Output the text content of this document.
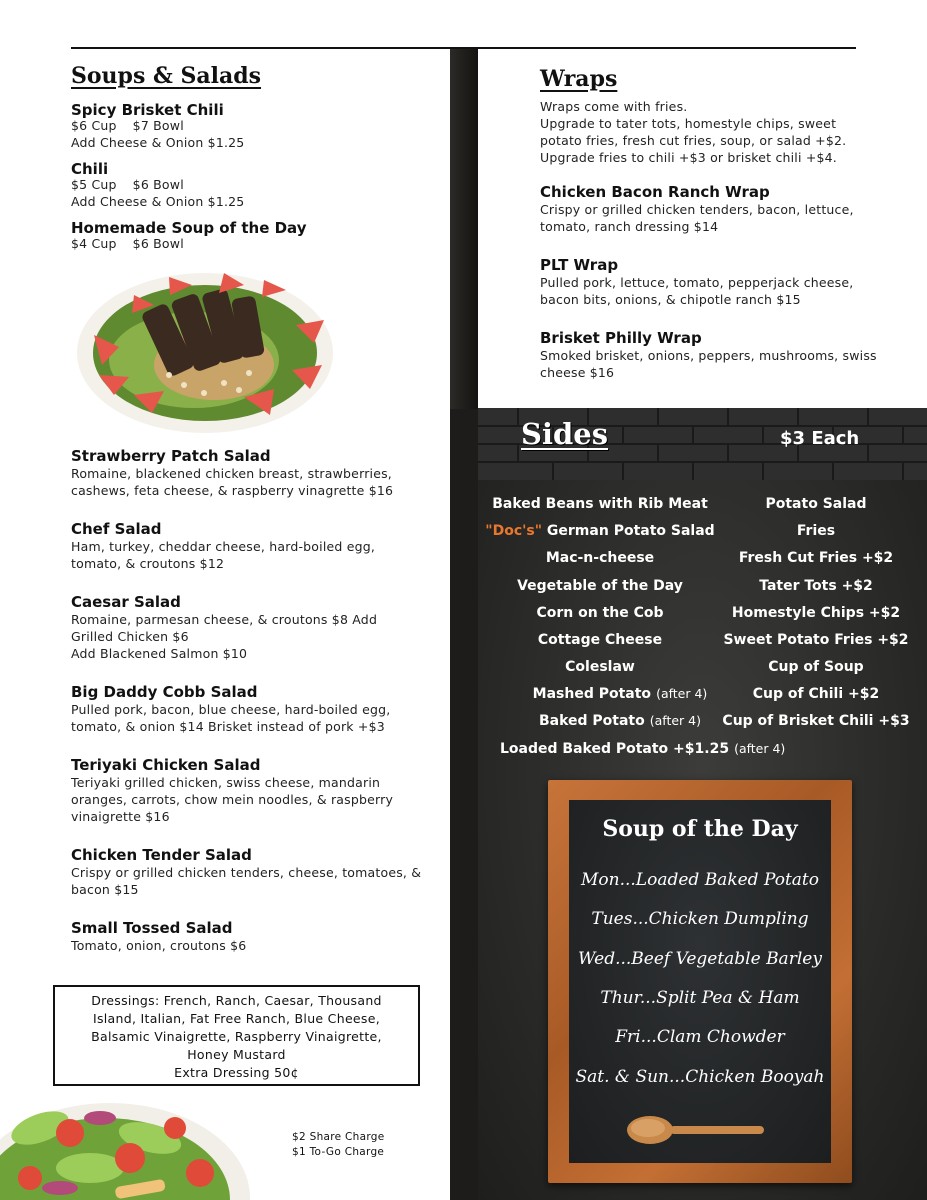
Soups & Salads
Spicy Brisket Chili
$6 Cup $7 Bowl
Add Cheese & Onion $1.25
Chili
$5 Cup $6 Bowl
Add Cheese & Onion $1.25
Homemade Soup of the Day
$4 Cup $6 Bowl
Strawberry Patch Salad
Romaine, blackened chicken breast, strawberries,
cashews, feta cheese, & raspberry vinagrette $16
Chef Salad
Ham, turkey, cheddar cheese, hard-boiled egg,
tomato, & croutons $12
Caesar Salad
Romaine, parmesan cheese, & croutons $8 Add
Grilled Chicken $6
Add Blackened Salmon $10
Big Daddy Cobb Salad
Pulled pork, bacon, blue cheese, hard-boiled egg,
tomato, & onion $14 Brisket instead of pork +$3
Teriyaki Chicken Salad
Teriyaki grilled chicken, swiss cheese, mandarin
oranges, carrots, chow mein noodles, & raspberry
vinaigrette $16
Chicken Tender Salad
Crispy or grilled chicken tenders, cheese, tomatoes, &
bacon $15
Small Tossed Salad
Tomato, onion, croutons $6
Dressings: French, Ranch, Caesar, Thousand
Island, Italian, Fat Free Ranch, Blue Cheese,
Balsamic Vinaigrette, Raspberry Vinaigrette,
Honey Mustard
Extra Dressing 50¢
$2 Share Charge
$1 To-Go Charge
Wraps
Wraps come with fries.
Upgrade to tater tots, homestyle chips, sweet
potato fries, fresh cut fries, soup, or salad +$2.
Upgrade fries to chili +$3 or brisket chili +$4.
Chicken Bacon Ranch Wrap
Crispy or grilled chicken tenders, bacon, lettuce,
tomato, ranch dressing $14
PLT Wrap
Pulled pork, lettuce, tomato, pepperjack cheese,
bacon bits, onions, & chipotle ranch $15
Brisket Philly Wrap
Smoked brisket, onions, peppers, mushrooms, swiss
cheese $16
Sides	$3 Each
Baked Beans with Rib Meat
"Doc's" German Potato Salad
Mac-n-cheese
Vegetable of the Day
Corn on the Cob
Cottage Cheese
Coleslaw
Mashed Potato (after 4)
Baked Potato (after 4)
Loaded Baked Potato +$1.25 (after 4)
Potato Salad
Fries
Fresh Cut Fries +$2
Tater Tots +$2
Homestyle Chips +$2
Sweet Potato Fries +$2
Cup of Soup
Cup of Chili +$2
Cup of Brisket Chili +$3
Soup of the Day
Mon...Loaded Baked Potato
Tues...Chicken Dumpling
Wed...Beef Vegetable Barley
Thur...Split Pea & Ham
Fri...Clam Chowder
Sat. & Sun...Chicken Booyah
